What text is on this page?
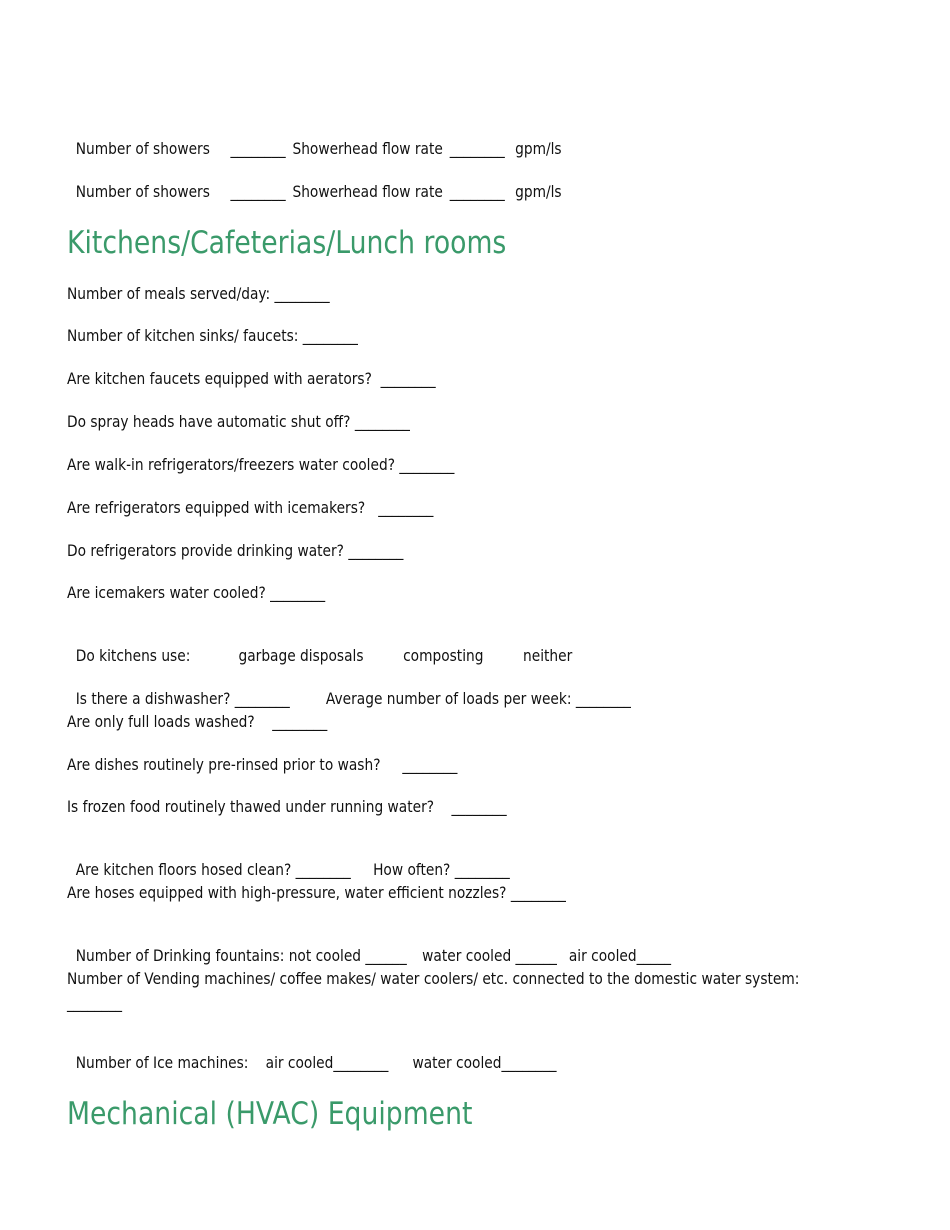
Number of showers ________ Showerhead flow rate ________ gpm/ls

Number of showers ________ Showerhead flow rate ________ gpm/ls

Kitchens/Cafeterias/Lunch rooms
Number of meals served/day: ________
Number of kitchen sinks/ faucets: ________
Are kitchen faucets equipped with aerators?  ________
Do spray heads have automatic shut off? ________
Are walk-in refrigerators/freezers water cooled? ________
Are refrigerators equipped with icemakers?   ________
Do refrigerators provide drinking water? ________
Are icemakers water cooled? ________

Do kitchens use:	garbage disposals composting neither

Is there a dishwasher? ________ Average number of loads per week: ________

Are only full loads washed?    ________
Are dishes routinely pre-rinsed prior to wash?     ________
Is frozen food routinely thawed under running water?    ________

Are kitchen floors hosed clean? ________ How often? ________

Are hoses equipped with high-pressure, water efficient nozzles? ________

Number of Drinking fountains: not cooled ______ water cooled ______ air cooled_____

Number of Vending machines/ coffee makes/ water coolers/ etc. connected to the domestic water system: ________

Number of Ice machines: air cooled________ water cooled________

Mechanical (HVAC) Equipment
